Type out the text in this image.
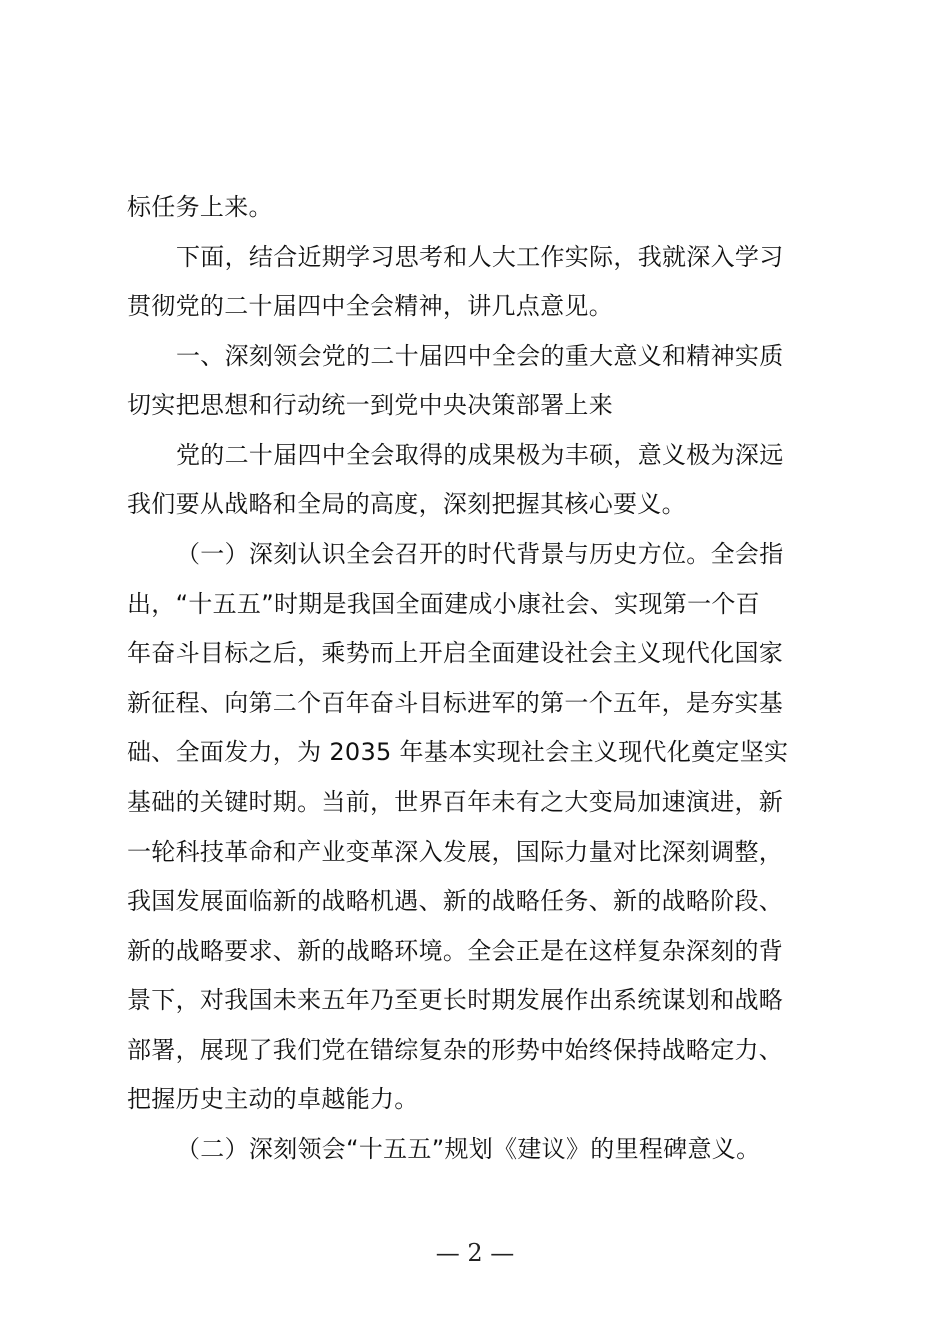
标任务上来。
下面，结合近期学习思考和人大工作实际，我就深入学习
贯彻党的二十届四中全会精神，讲几点意见。
一、深刻领会党的二十届四中全会的重大意义和精神实质
切实把思想和行动统一到党中央决策部署上来
党的二十届四中全会取得的成果极为丰硕，意义极为深远
我们要从战略和全局的高度，深刻把握其核心要义。
（一）深刻认识全会召开的时代背景与历史方位。全会指
出，“十五五”时期是我国全面建成小康社会、实现第一个百
年奋斗目标之后，乘势而上开启全面建设社会主义现代化国家
新征程、向第二个百年奋斗目标进军的第一个五年，是夯实基
础、全面发力，为 2035 年基本实现社会主义现代化奠定坚实
基础的关键时期。当前，世界百年未有之大变局加速演进，新
一轮科技革命和产业变革深入发展，国际力量对比深刻调整，
我国发展面临新的战略机遇、新的战略任务、新的战略阶段、
新的战略要求、新的战略环境。全会正是在这样复杂深刻的背
景下，对我国未来五年乃至更长时期发展作出系统谋划和战略
部署，展现了我们党在错综复杂的形势中始终保持战略定力、
把握历史主动的卓越能力。
（二）深刻领会“十五五”规划《建议》的里程碑意义。
— 2 —
